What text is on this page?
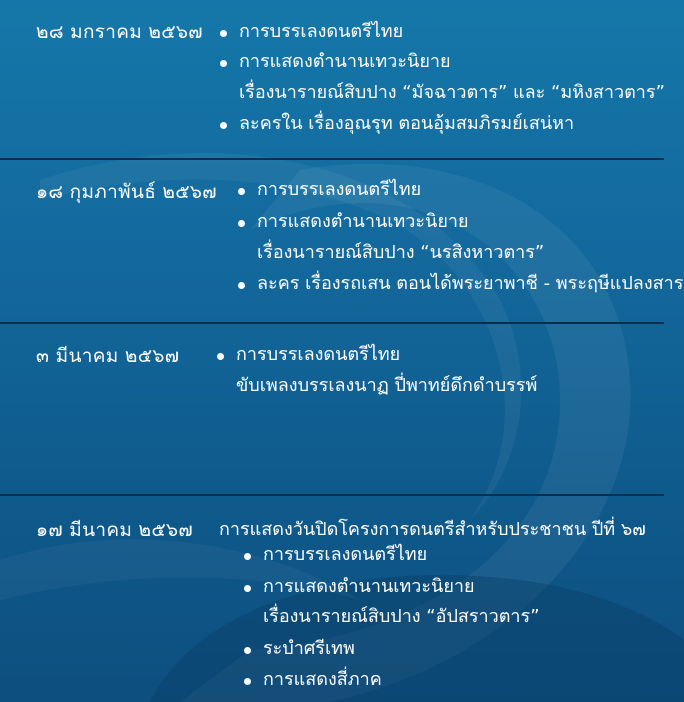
๒๘ มกราคม ๒๕๖๗ การบรรเลงดนตรีไทย
การแสดงตำนานเทวะนิยาย
เรื่องนารายณ์สิบปาง “มัจฉาวตาร” และ “มหิงสาวตาร”
ละครใน เรื่องอุณรุท ตอนอุ้มสมภิรมย์เสน่หา
๑๘ กุมภาพันธ์ ๒๕๖๗ การบรรเลงดนตรีไทย
การแสดงตำนานเทวะนิยาย
เรื่องนารายณ์สิบปาง “นรสิงหาวตาร”
ละคร เรื่องรถเสน ตอนได้พระยาพาชี - พระฤษีแปลงสาร
๓ มีนาคม ๒๕๖๗	การบรรเลงดนตรีไทย
ขับเพลงบรรเลงนาฏ ปี่พาทย์ดึกดำบรรพ์
๑๗ มีนาคม ๒๕๖๗ การแสดงวันปิดโครงการดนตรีสำหรับประชาชน ปีที่ ๖๗
การบรรเลงดนตรีไทย
การแสดงตำนานเทวะนิยาย
เรื่องนารายณ์สิบปาง “อัปสราวตาร”
ระบำศรีเทพ
การแสดงสี่ภาค
